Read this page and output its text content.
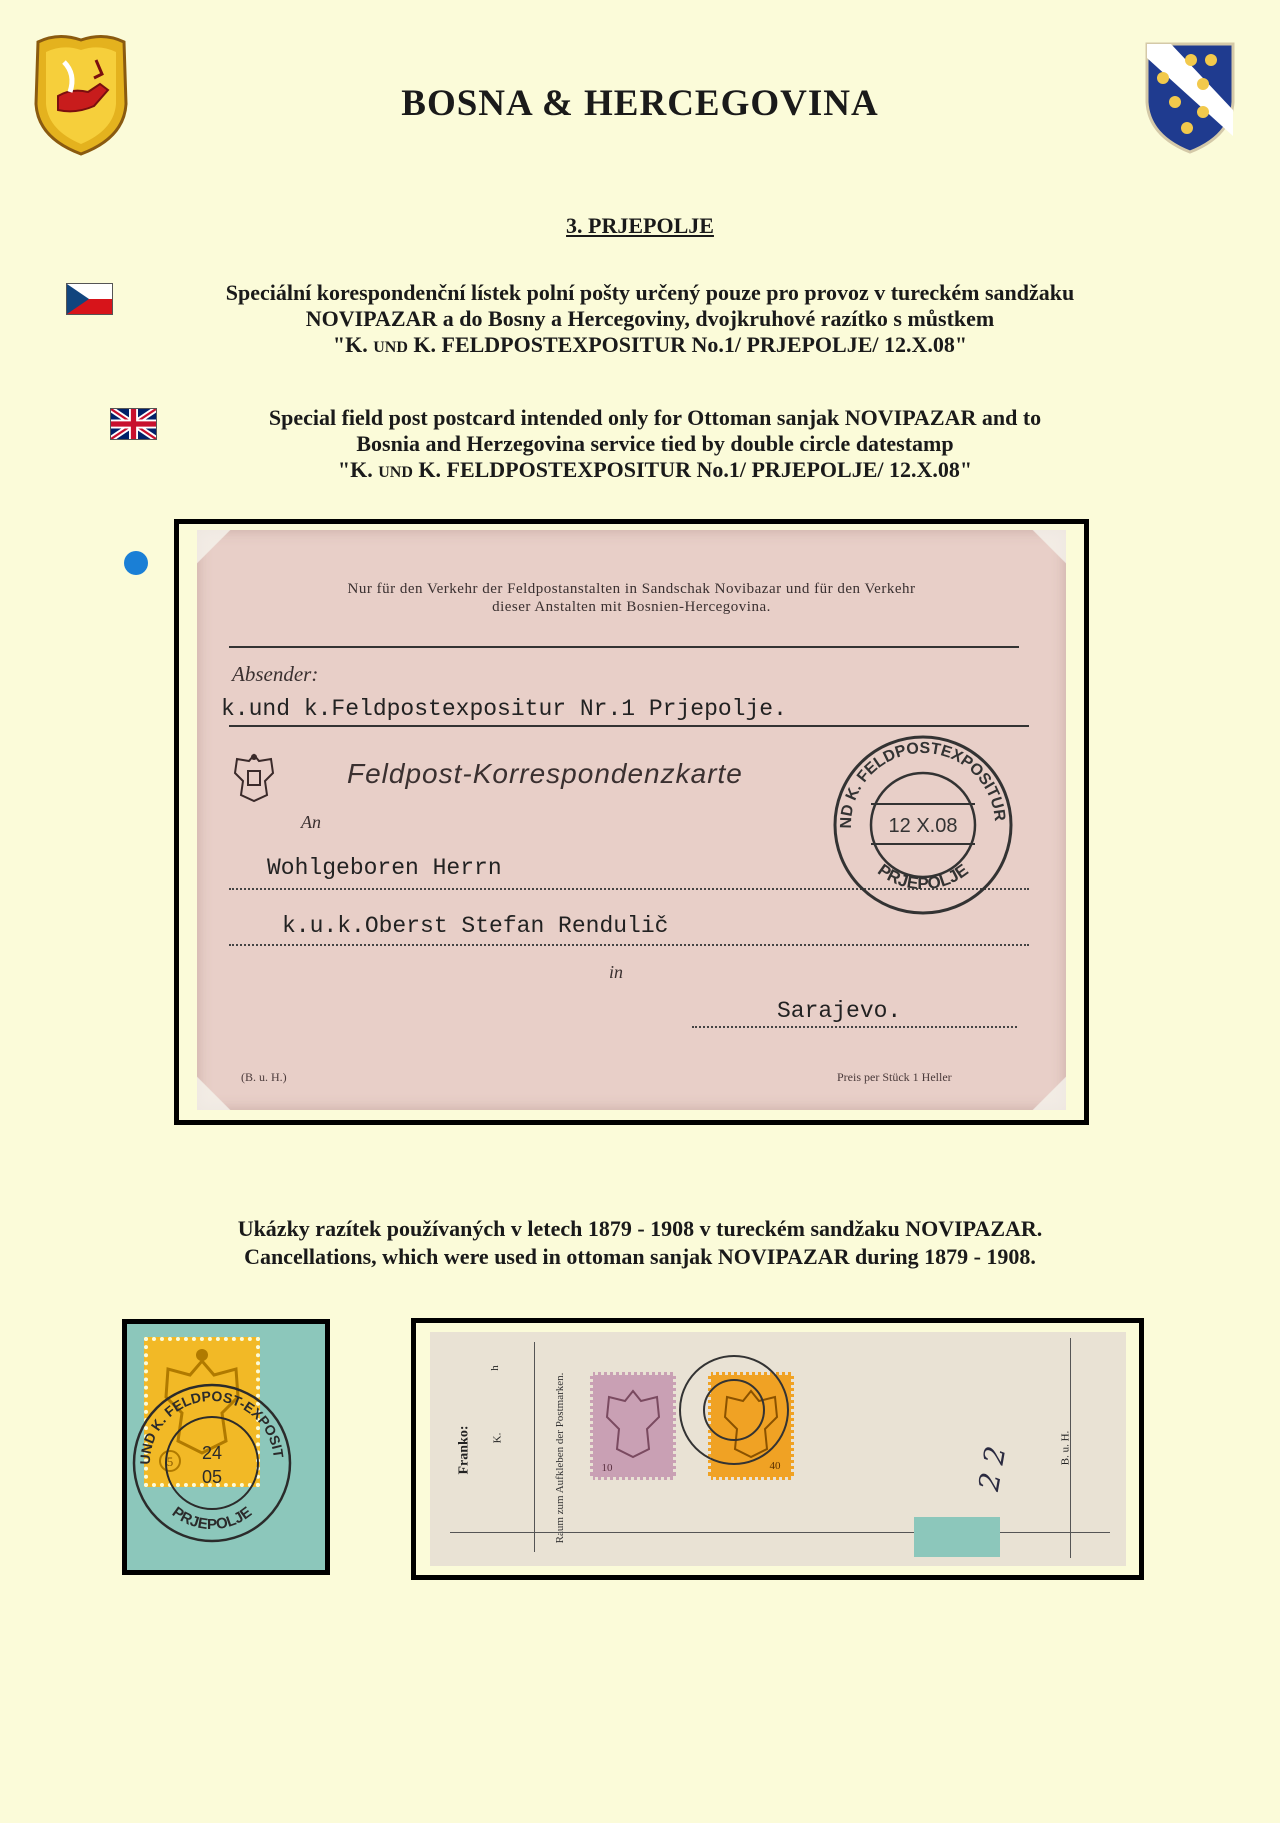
BOSNA & HERCEGOVINA
3. PRJEPOLJE
Speciální korespondenční lístek polní pošty určený pouze pro provoz v tureckém sandžaku
NOVIPAZAR a do Bosny a Hercegoviny, dvojkruhové razítko s můstkem
"K. UND K. FELDPOSTEXPOSITUR No.1/ PRJEPOLJE/ 12.X.08"
Special field post postcard intended only for Ottoman sanjak NOVIPAZAR and to
Bosnia and Herzegovina service tied by double circle datestamp
"K. UND K. FELDPOSTEXPOSITUR No.1/ PRJEPOLJE/ 12.X.08"
Nur für den Verkehr der Feldpostanstalten in Sandschak Novibazar und für den Verkehr
dieser Anstalten mit Bosnien-Hercegovina.
Absender:
k.und k.Feldpostexpositur Nr.1 Prjepolje.
Feldpost-Korrespondenzkarte
An
Wohlgeboren Herrn
k.u.k.Oberst Stefan Rendulič
in
Sarajevo.
(B. u. H.)	Preis per Stück 1 Heller
ND K. FELDPOSTEXPOSITUR
PRJEPOLJE
12 X.08
Ukázky razítek používaných v letech 1879 - 1908 v tureckém sandžaku NOVIPAZAR.
Cancellations, which were used in ottoman sanjak NOVIPAZAR during 1879 - 1908.
5
UND K. FELDPOST-EXPOSIT
PRJEPOLJE
24
05	Raum zum Aufkleben der Postmarken.
Franko: K.
h
B. u. H.
10	40	2 2
